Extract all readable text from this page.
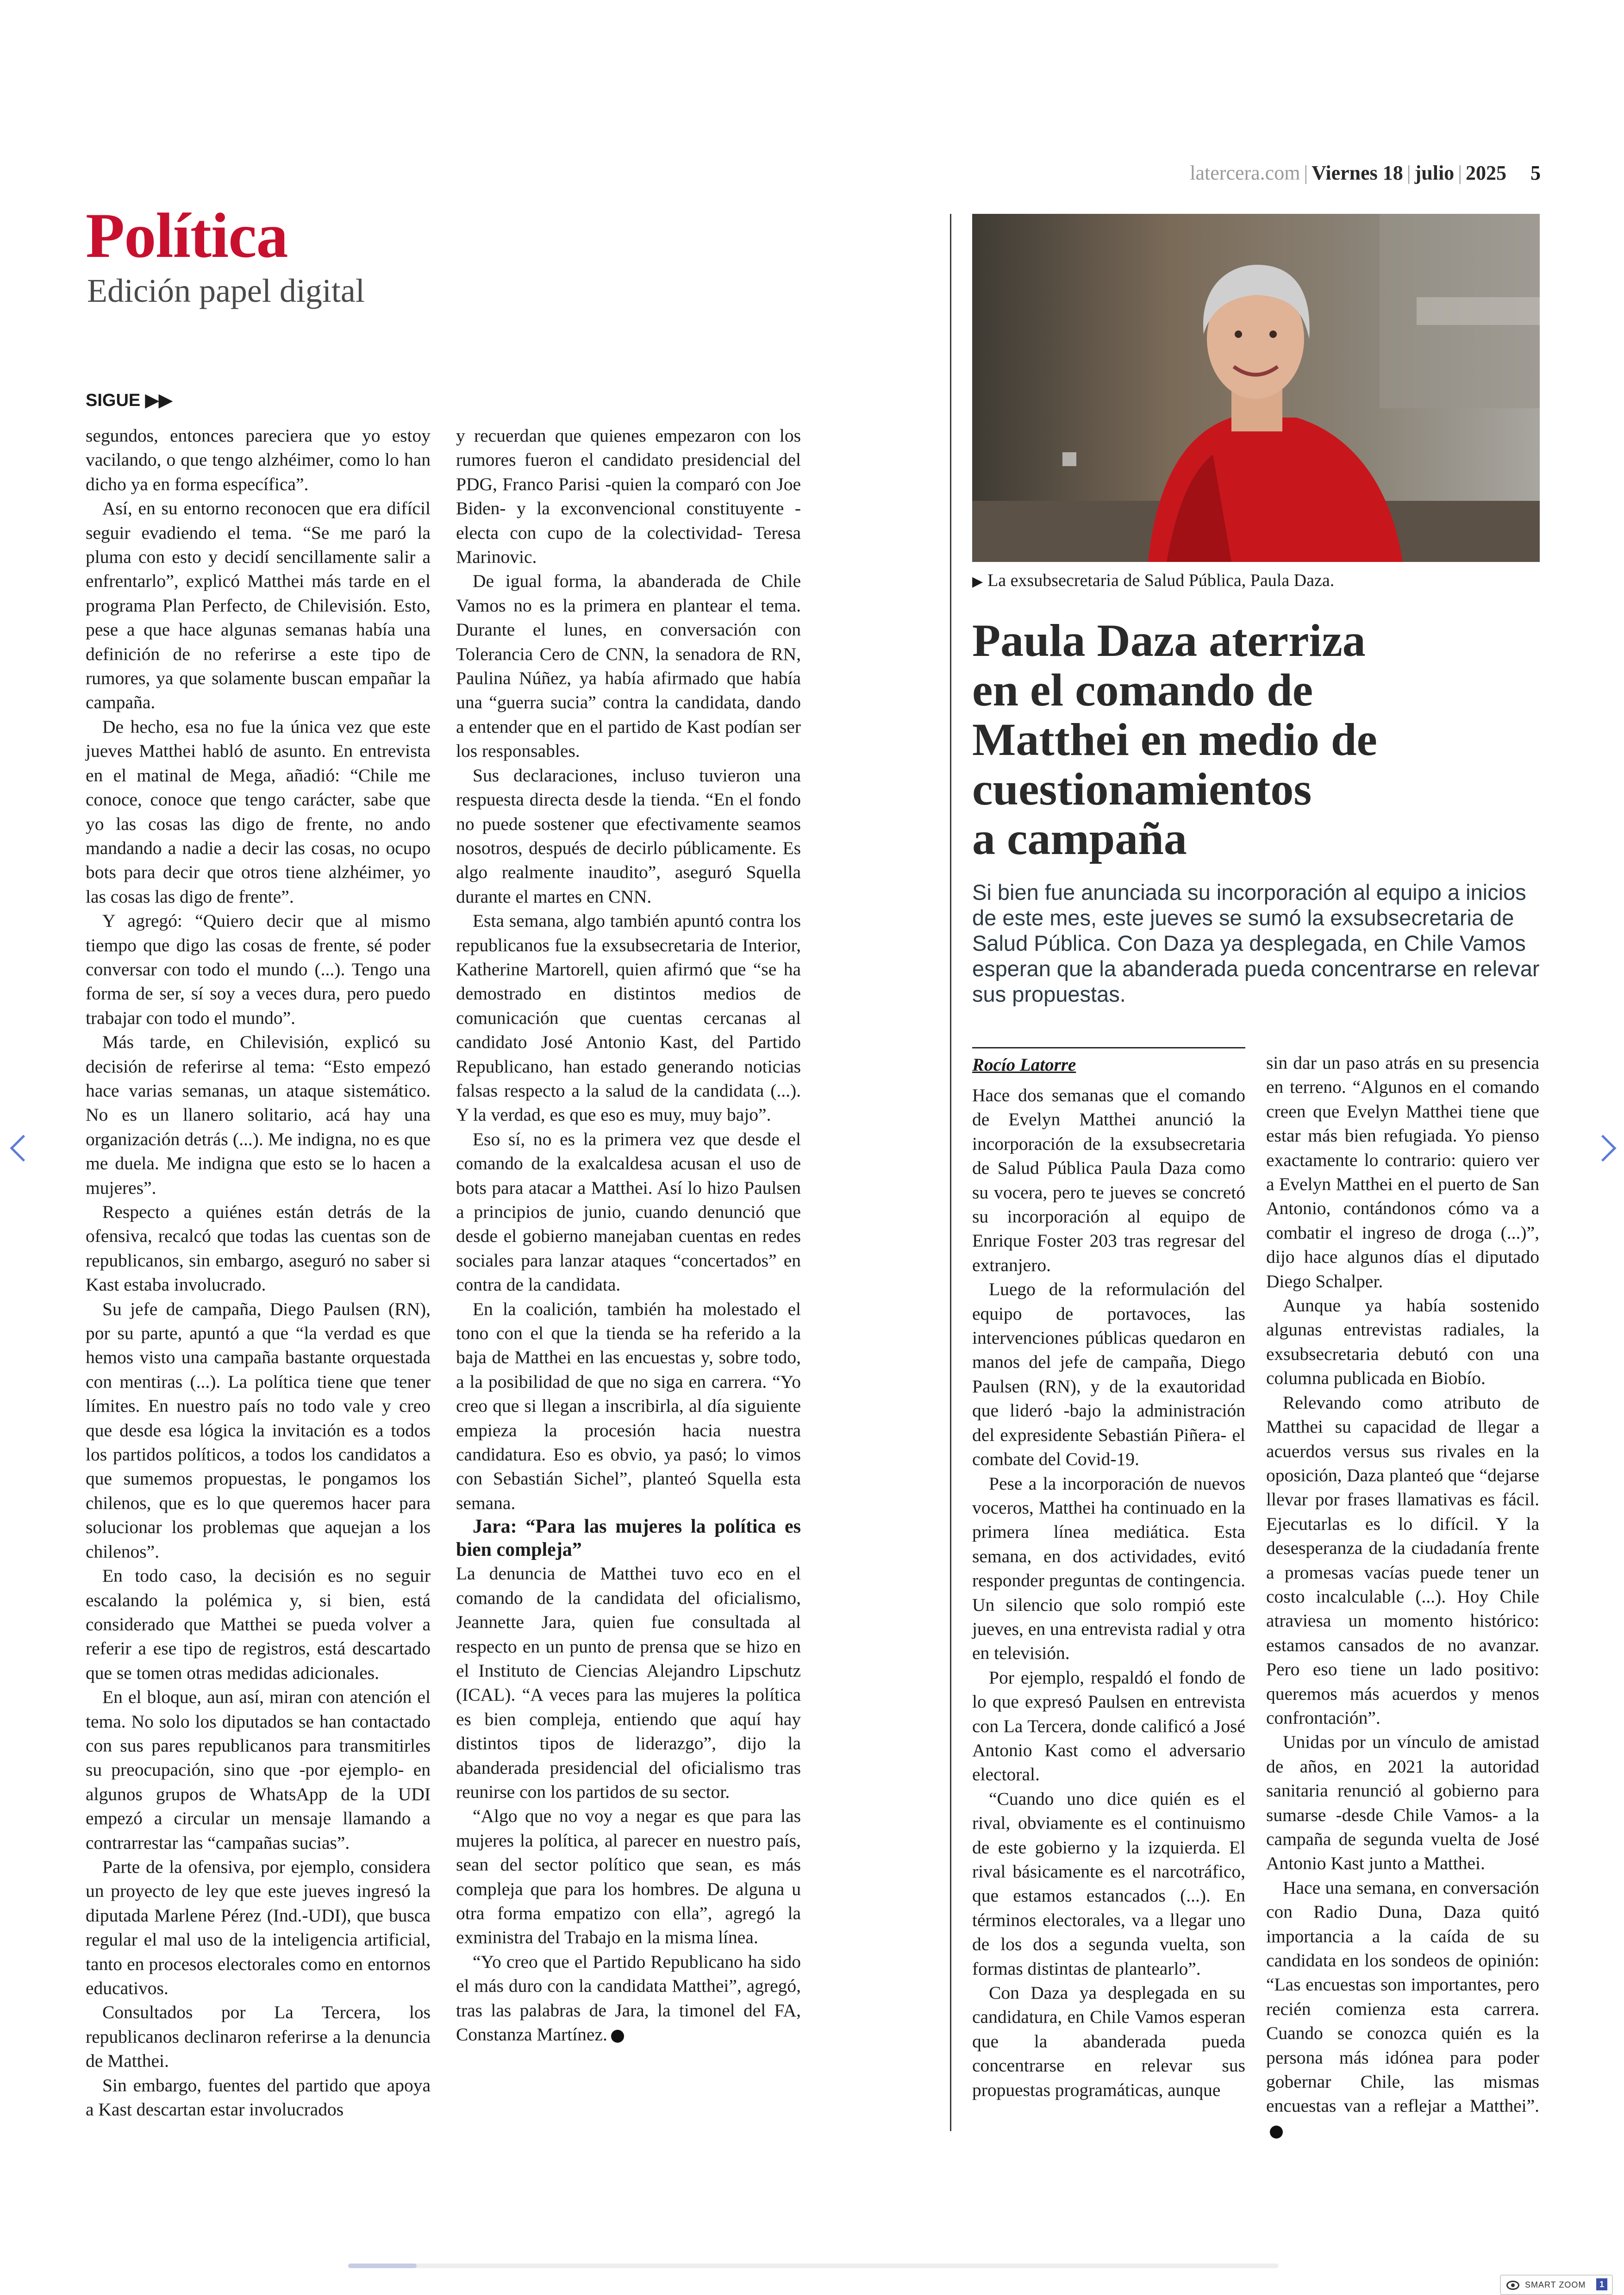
latercera.com | Viernes 18 | julio | 2025 5
Política
Edición papel digital
SIGUE ▶▶

segundos, entonces pareciera que yo estoy vacilando, o que tengo alzhéimer, como lo han dicho ya en forma específica”.

Así, en su entorno reconocen que era difícil seguir evadiendo el tema. “Se me paró la pluma con esto y decidí sencillamente salir a enfrentarlo”, explicó Matthei más tarde en el programa Plan Perfecto, de Chilevisión. Esto, pese a que hace algunas semanas había una definición de no referirse a este tipo de rumores, ya que solamente buscan empañar la campaña.

De hecho, esa no fue la única vez que este jueves Matthei habló de asunto. En entrevista en el matinal de Mega, añadió: “Chile me conoce, conoce que tengo carácter, sabe que yo las cosas las digo de frente, no ando mandando a nadie a decir las cosas, no ocupo bots para decir que otros tiene alzhéimer, yo las cosas las digo de frente”.

Y agregó: “Quiero decir que al mismo tiempo que digo las cosas de frente, sé poder conversar con todo el mundo (...). Tengo una forma de ser, sí soy a veces dura, pero puedo trabajar con todo el mundo”.

Más tarde, en Chilevisión, explicó su decisión de referirse al tema: “Esto empezó hace varias semanas, un ataque sistemático. No es un llanero solitario, acá hay una organización detrás (...). Me indigna, no es que me duela. Me indigna que esto se lo hacen a mujeres”.

Respecto a quiénes están detrás de la ofensiva, recalcó que todas las cuentas son de republicanos, sin embargo, aseguró no saber si Kast estaba involucrado.

Su jefe de campaña, Diego Paulsen (RN), por su parte, apuntó a que “la verdad es que hemos visto una campaña bastante orquestada con mentiras (...). La política tiene que tener límites. En nuestro país no todo vale y creo que desde esa lógica la invitación es a todos los partidos políticos, a todos los candidatos a que sumemos propuestas, le pongamos los chilenos, que es lo que queremos hacer para solucionar los problemas que aquejan a los chilenos”.

En todo caso, la decisión es no seguir escalando la polémica y, si bien, está considerado que Matthei se pueda volver a referir a ese tipo de registros, está descartado que se tomen otras medidas adicionales.

En el bloque, aun así, miran con atención el tema. No solo los diputados se han contactado con sus pares republicanos para transmitirles su preocupación, sino que -por ejemplo- en algunos grupos de WhatsApp de la UDI empezó a circular un mensaje llamando a contrarrestar las “campañas sucias”.

Parte de la ofensiva, por ejemplo, considera un proyecto de ley que este jueves ingresó la diputada Marlene Pérez (Ind.-UDI), que busca regular el mal uso de la inteligencia artificial, tanto en procesos electorales como en entornos educativos.

Consultados por La Tercera, los republicanos declinaron referirse a la denuncia de Matthei.

Sin embargo, fuentes del partido que apoya a Kast descartan estar involucrados

y recuerdan que quienes empezaron con los rumores fueron el candidato presidencial del PDG, Franco Parisi -quien la comparó con Joe Biden- y la exconvencional constituyente -electa con cupo de la colectividad- Teresa Marinovic.

De igual forma, la abanderada de Chile Vamos no es la primera en plantear el tema. Durante el lunes, en conversación con Tolerancia Cero de CNN, la senadora de RN, Paulina Núñez, ya había afirmado que había una “guerra sucia” contra la candidata, dando a entender que en el partido de Kast podían ser los responsables.

Sus declaraciones, incluso tuvieron una respuesta directa desde la tienda. “En el fondo no puede sostener que efectivamente seamos nosotros, después de decirlo públicamente. Es algo realmente inaudito”, aseguró Squella durante el martes en CNN.

Esta semana, algo también apuntó contra los republicanos fue la exsubsecretaria de Interior, Katherine Martorell, quien afirmó que “se ha demostrado en distintos medios de comunicación que cuentas cercanas al candidato José Antonio Kast, del Partido Republicano, han estado generando noticias falsas respecto a la salud de la candidata (...). Y la verdad, es que eso es muy, muy bajo”.

Eso sí, no es la primera vez que desde el comando de la exalcaldesa acusan el uso de bots para atacar a Matthei. Así lo hizo Paulsen a principios de junio, cuando denunció que desde el gobierno manejaban cuentas en redes sociales para lanzar ataques “concertados” en contra de la candidata.

En la coalición, también ha molestado el tono con el que la tienda se ha referido a la baja de Matthei en las encuestas y, sobre todo, a la posibilidad de que no siga en carrera. “Yo creo que si llegan a inscribirla, al día siguiente empieza la procesión hacia nuestra candidatura. Eso es obvio, ya pasó; lo vimos con Sebastián Sichel”, planteó Squella esta semana.

Jara: “Para las mujeres la política es bien compleja”

La denuncia de Matthei tuvo eco en el comando de la candidata del oficialismo, Jeannette Jara, quien fue consultada al respecto en un punto de prensa que se hizo en el Instituto de Ciencias Alejandro Lipschutz (ICAL). “A veces para las mujeres la política es bien compleja, entiendo que aquí hay distintos tipos de liderazgo”, dijo la abanderada presidencial del oficialismo tras reunirse con los partidos de su sector.

“Algo que no voy a negar es que para las mujeres la política, al parecer en nuestro país, sean del sector político que sean, es más compleja que para los hombres. De alguna u otra forma empatizo con ella”, agregó la exministra del Trabajo en la misma línea.

“Yo creo que el Partido Republicano ha sido el más duro con la candidata Matthei”, agregó, tras las palabras de Jara, la timonel del FA, Constanza Martínez.

▶ La exsubsecretaria de Salud Pública, Paula Daza.
Paula Daza aterriza
en el comando de
Matthei en medio de
cuestionamientos
a campaña
Si bien fue anunciada su incorporación al equipo a inicios de este mes, este jueves se sumó la exsubsecretaria de Salud Pública. Con Daza ya desplegada, en Chile Vamos esperan que la abanderada pueda concentrarse en relevar sus propuestas.
Rocío Latorre

Hace dos semanas que el comando de Evelyn Matthei anunció la incorporación de la exsubsecretaria de Salud Pública Paula Daza como su vocera, pero te jueves se concretó su incorporación al equipo de Enrique Foster 203 tras regresar del extranjero.

Luego de la reformulación del equipo de portavoces, las intervenciones públicas quedaron en manos del jefe de campaña, Diego Paulsen (RN), y de la exautoridad que lideró -bajo la administración del expresidente Sebastián Piñera- el combate del Covid-19.

Pese a la incorporación de nuevos voceros, Matthei ha continuado en la primera línea mediática. Esta semana, en dos actividades, evitó responder preguntas de contingencia. Un silencio que solo rompió este jueves, en una entrevista radial y otra en televisión.

Por ejemplo, respaldó el fondo de lo que expresó Paulsen en entrevista con La Tercera, donde calificó a José Antonio Kast como el adversario electoral.

“Cuando uno dice quién es el rival, obviamente es el continuismo de este gobierno y la izquierda. El rival básicamente es el narcotráfico, que estamos estancados (...). En términos electorales, va a llegar uno de los dos a segunda vuelta, son formas distintas de plantearlo”.

Con Daza ya desplegada en su candidatura, en Chile Vamos esperan que la abanderada pueda concentrarse en relevar sus propuestas programáticas, aunque

sin dar un paso atrás en su presencia en terreno. “Algunos en el comando creen que Evelyn Matthei tiene que estar más bien refugiada. Yo pienso exactamente lo contrario: quiero ver a Evelyn Matthei en el puerto de San Antonio, contándonos cómo va a combatir el ingreso de droga (...)”, dijo hace algunos días el diputado Diego Schalper.

Aunque ya había sostenido algunas entrevistas radiales, la exsubsecretaria debutó con una columna publicada en Biobío.

Relevando como atributo de Matthei su capacidad de llegar a acuerdos versus sus rivales en la oposición, Daza planteó que “dejarse llevar por frases llamativas es fácil. Ejecutarlas es lo difícil. Y la desesperanza de la ciudadanía frente a promesas vacías puede tener un costo incalculable (...). Hoy Chile atraviesa un momento histórico: estamos cansados de no avanzar. Pero eso tiene un lado positivo: queremos más acuerdos y menos confrontación”.

Unidas por un vínculo de amistad de años, en 2021 la autoridad sanitaria renunció al gobierno para sumarse -desde Chile Vamos- a la campaña de segunda vuelta de José Antonio Kast junto a Matthei.

Hace una semana, en conversación con Radio Duna, Daza quitó importancia a la caída de su candidata en los sondeos de opinión: “Las encuestas son importantes, pero recién comienza esta carrera. Cuando se conozca quién es la persona más idónea para poder gobernar Chile, las mismas encuestas van a reflejar a Matthei”.

SMART ZOOM	1
